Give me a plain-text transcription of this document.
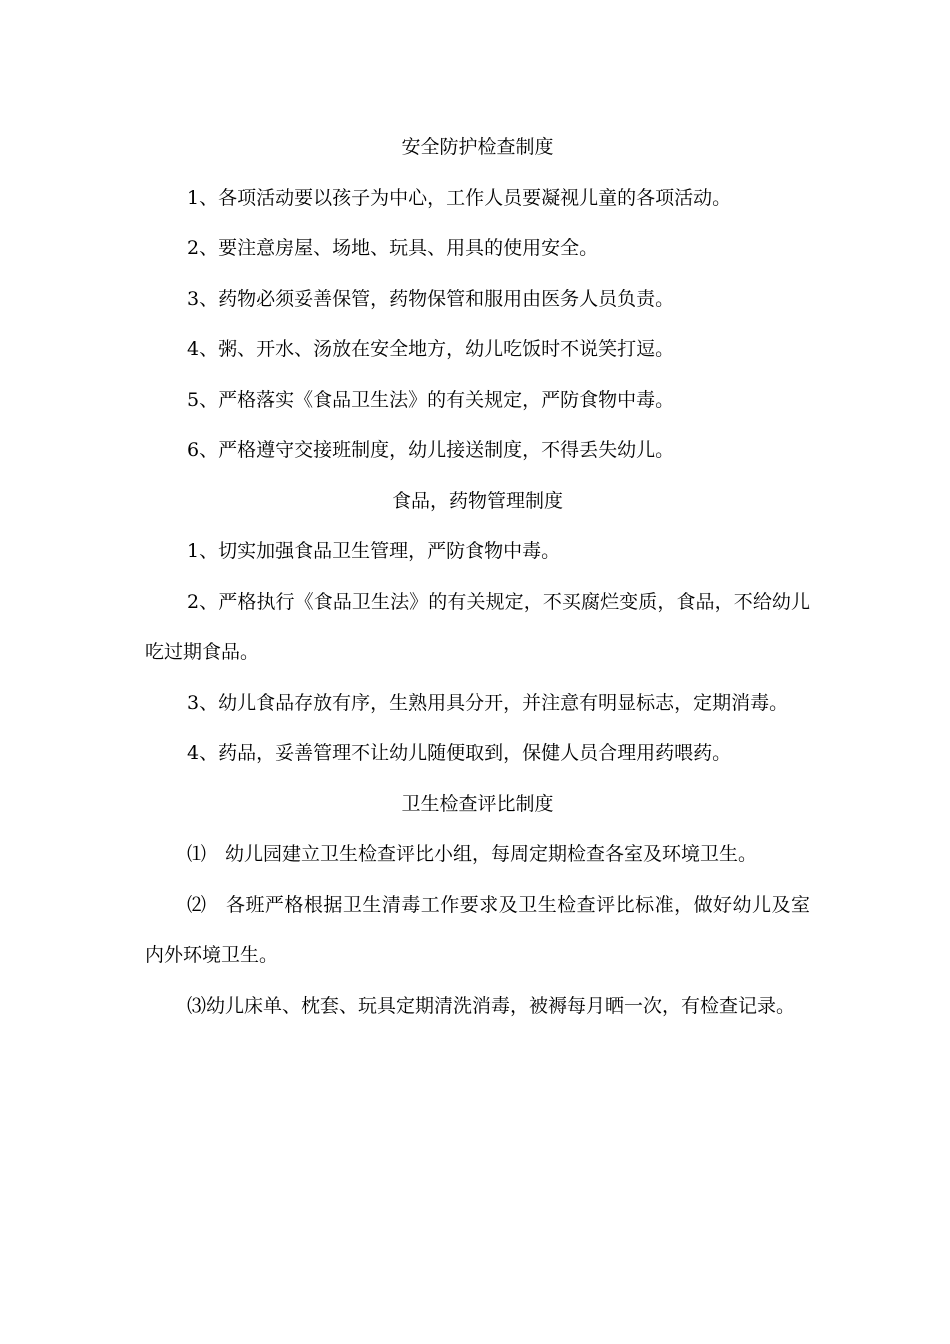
安全防护检查制度

1、各项活动要以孩子为中心，工作人员要凝视儿童的各项活动。

2、要注意房屋、场地、玩具、用具的使用安全。

3、药物必须妥善保管，药物保管和服用由医务人员负责。

4、粥、开水、汤放在安全地方，幼儿吃饭时不说笑打逗。

5、严格落实《食品卫生法》的有关规定，严防食物中毒。

6、严格遵守交接班制度，幼儿接送制度，不得丢失幼儿。

食品，药物管理制度

1、切实加强食品卫生管理，严防食物中毒。

2、严格执行《食品卫生法》的有关规定，不买腐烂变质，食品，不给幼儿吃过期食品。

3、幼儿食品存放有序，生熟用具分开，并注意有明显标志，定期消毒。

4、药品，妥善管理不让幼儿随便取到，保健人员合理用药喂药。

卫生检查评比制度

⑴　幼儿园建立卫生检查评比小组，每周定期检查各室及环境卫生。

⑵　各班严格根据卫生清毒工作要求及卫生检查评比标准，做好幼儿及室内外环境卫生。

⑶幼儿床单、枕套、玩具定期清洗消毒，被褥每月晒一次，有检查记录。
